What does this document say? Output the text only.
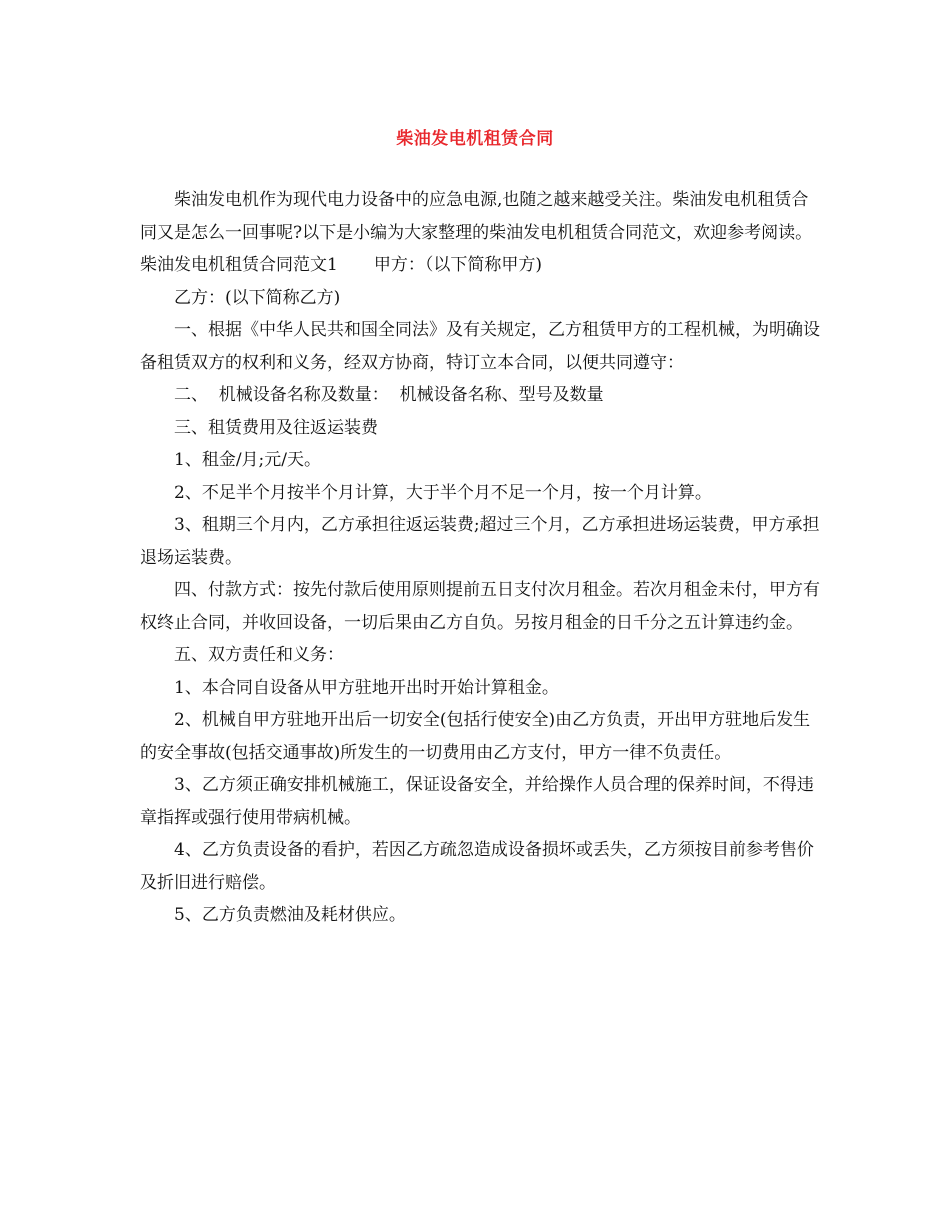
柴油发电机租赁合同

柴油发电机作为现代电力设备中的应急电源,也随之越来越受关注。柴油发电机租赁合同又是怎么一回事呢?以下是小编为大家整理的柴油发电机租赁合同范文，欢迎参考阅读。

柴油发电机租赁合同范文1 甲方：（以下简称甲方)

乙方：(以下简称乙方)

一、根据《中华人民共和国全同法》及有关规定，乙方租赁甲方的工程机械，为明确设备租赁双方的权利和义务，经双方协商，特订立本合同，以便共同遵守：

二、  机械设备名称及数量：  机械设备名称、型号及数量

三、租赁费用及往返运装费

1、租金/月;元/天。

2、不足半个月按半个月计算，大于半个月不足一个月，按一个月计算。

3、租期三个月内，乙方承担往返运装费;超过三个月，乙方承担进场运装费，甲方承担退场运装费。

四、付款方式：按先付款后使用原则提前五日支付次月租金。若次月租金未付，甲方有权终止合同，并收回设备，一切后果由乙方自负。另按月租金的日千分之五计算违约金。

五、双方责任和义务：

1、本合同自设备从甲方驻地开出时开始计算租金。

2、机械自甲方驻地开出后一切安全(包括行使安全)由乙方负责，开出甲方驻地后发生的安全事故(包括交通事故)所发生的一切费用由乙方支付，甲方一律不负责任。

3、乙方须正确安排机械施工，保证设备安全，并给操作人员合理的保养时间，不得违章指挥或强行使用带病机械。

4、乙方负责设备的看护，若因乙方疏忽造成设备损坏或丢失，乙方须按目前参考售价及折旧进行赔偿。

5、乙方负责燃油及耗材供应。
